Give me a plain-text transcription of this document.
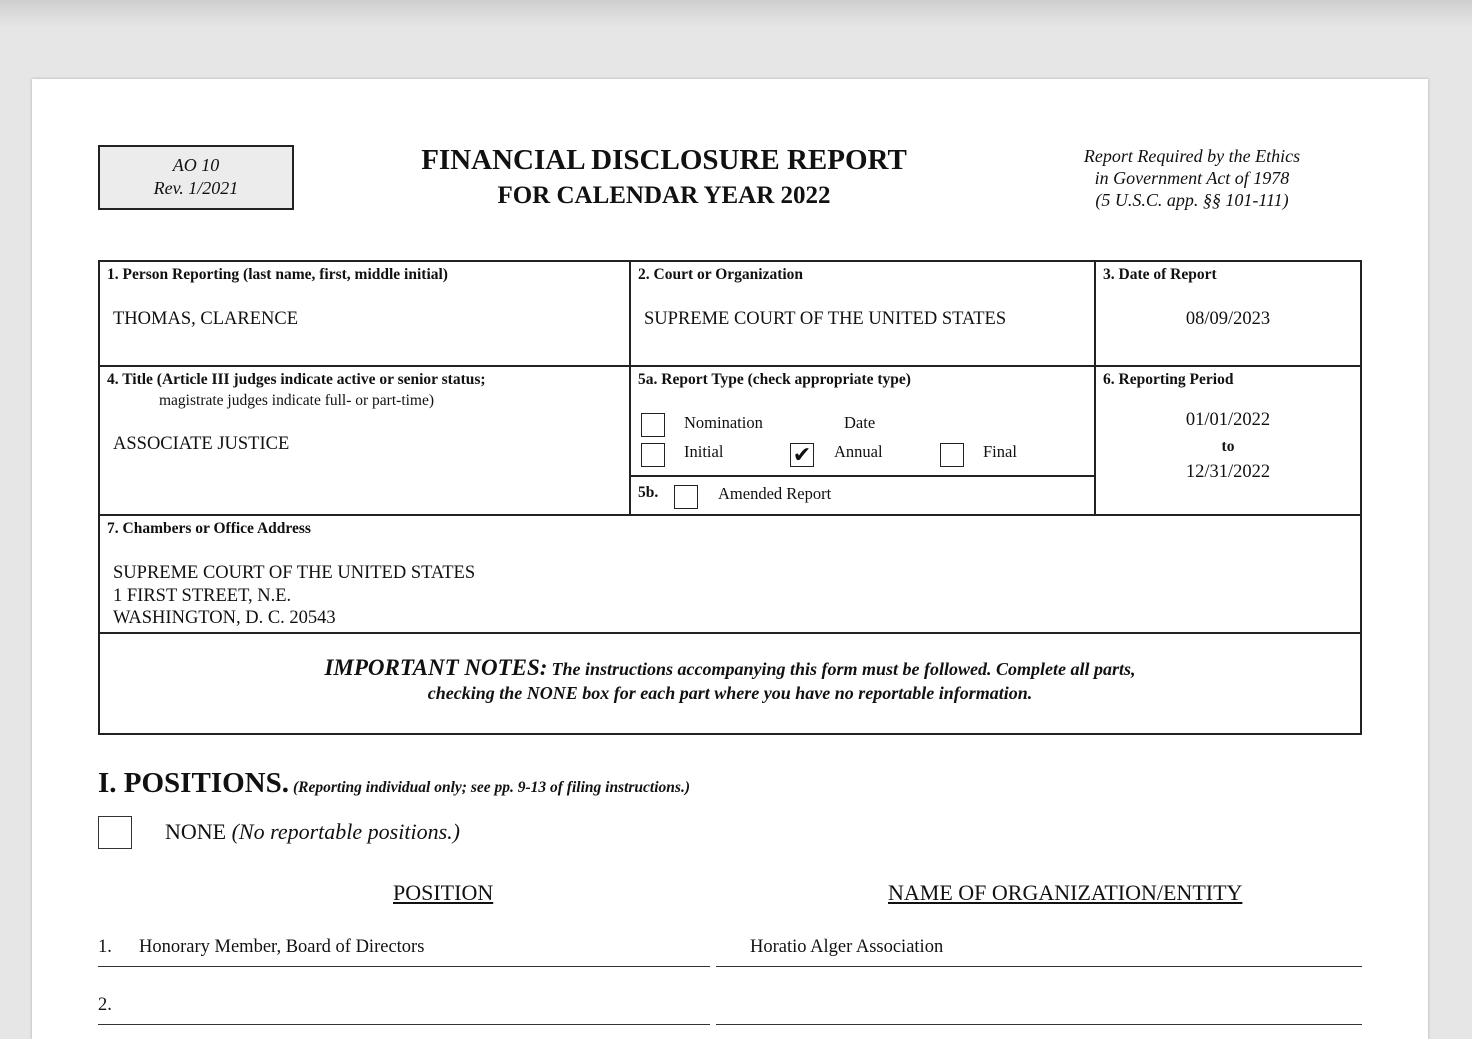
AO 10
Rev. 1/2021
FINANCIAL DISCLOSURE REPORT
FOR CALENDAR YEAR 2022
Report Required by the Ethics
in Government Act of 1978
(5 U.S.C. app. §§ 101-111)
1. Person Reporting (last name, first, middle initial)
THOMAS, CLARENCE
2. Court or Organization
SUPREME COURT OF THE UNITED STATES
3. Date of Report
08/09/2023
4. Title (Article III judges indicate active or senior status;
magistrate judges indicate full- or part-time)
ASSOCIATE JUSTICE
5a. Report Type (check appropriate type)
Nomination	Date
Initial	✔ Annual	Final
5b.	Amended Report
6. Reporting Period
01/01/2022
to
12/31/2022
7. Chambers or Office Address
SUPREME COURT OF THE UNITED STATES
1 FIRST STREET, N.E.
WASHINGTON, D. C. 20543
IMPORTANT NOTES: The instructions accompanying this form must be followed. Complete all parts,
checking the NONE box for each part where you have no reportable information.
I. POSITIONS. (Reporting individual only; see pp. 9-13 of filing instructions.)
NONE (No reportable positions.)
POSITION	NAME OF ORGANIZATION/ENTITY
1. Honorary Member, Board of Directors	Horatio Alger Association
2.
